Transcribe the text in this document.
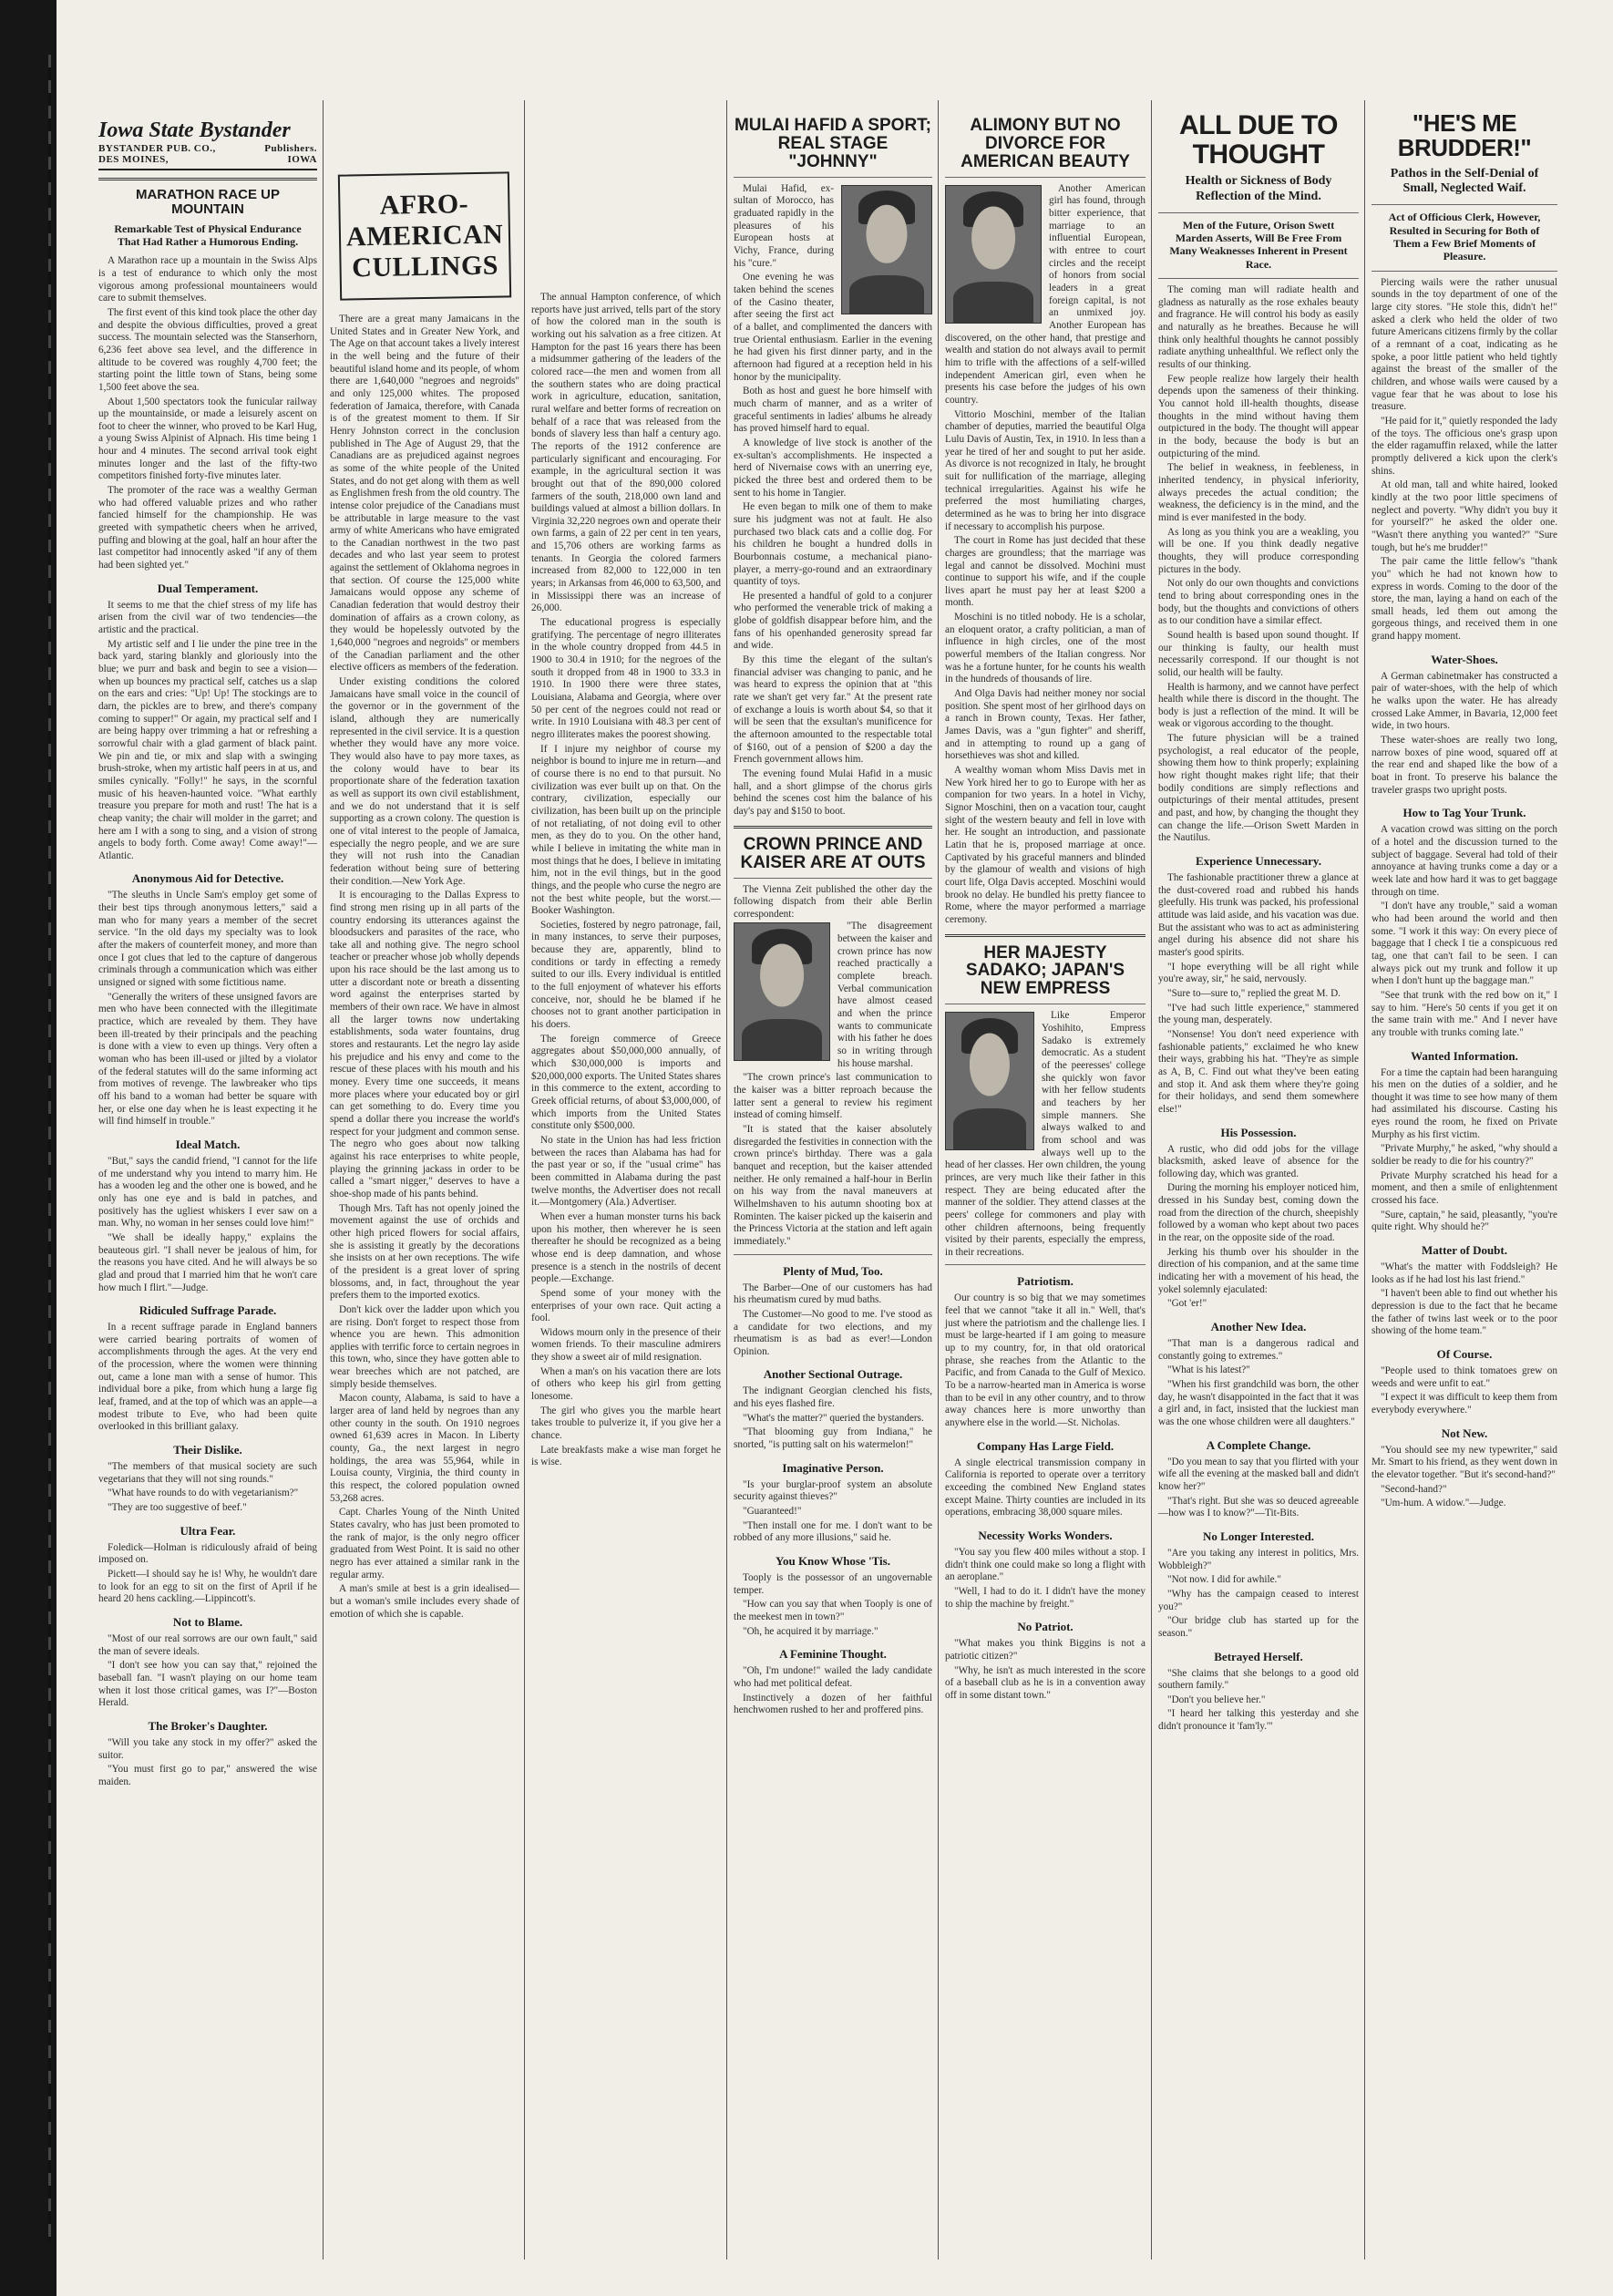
Iowa State Bystander
BYSTANDER PUB. CO.,	Publishers.
DES MOINES,	IOWA
MARATHON RACE UP MOUNTAIN
Remarkable Test of Physical Endurance That Had Rather a Humorous Ending.

A Marathon race up a mountain in the Swiss Alps is a test of endurance to which only the most vigorous among professional mountaineers would care to submit themselves.

The first event of this kind took place the other day and despite the obvious difficulties, proved a great success. The mountain selected was the Stanserhorn, 6,236 feet above sea level, and the difference in altitude to be covered was roughly 4,700 feet; the starting point the little town of Stans, being some 1,500 feet above the sea.

About 1,500 spectators took the funicular railway up the mountainside, or made a leisurely ascent on foot to cheer the winner, who proved to be Karl Hug, a young Swiss Alpinist of Alpnach. His time being 1 hour and 4 minutes. The second arrival took eight minutes longer and the last of the fifty-two competitors finished forty-five minutes later.

The promoter of the race was a wealthy German who had offered valuable prizes and who rather fancied himself for the championship. He was greeted with sympathetic cheers when he arrived, puffing and blowing at the goal, half an hour after the last competitor had innocently asked "if any of them had been sighted yet."

Dual Temperament.

It seems to me that the chief stress of my life has arisen from the civil war of two tendencies—the artistic and the practical.

My artistic self and I lie under the pine tree in the back yard, staring blankly and gloriously into the blue; we purr and bask and begin to see a vision—when up bounces my practical self, catches us a slap on the ears and cries: "Up! Up! The stockings are to darn, the pickles are to brew, and there's company coming to supper!" Or again, my practical self and I are being happy over trimming a hat or refreshing a sorrowful chair with a glad garment of black paint. We pin and tie, or mix and slap with a swinging brush-stroke, when my artistic half peers in at us, and smiles cynically. "Folly!" he says, in the scornful music of his heaven-haunted voice. "What earthly treasure you prepare for moth and rust! The hat is a cheap vanity; the chair will molder in the garret; and here am I with a song to sing, and a vision of strong angels to body forth. Come away! Come away!"—Atlantic.

Anonymous Aid for Detective.

"The sleuths in Uncle Sam's employ get some of their best tips through anonymous letters," said a man who for many years a member of the secret service. "In the old days my specialty was to look after the makers of counterfeit money, and more than once I got clues that led to the capture of dangerous criminals through a communication which was either unsigned or signed with some fictitious name.

"Generally the writers of these unsigned favors are men who have been connected with the illegitimate practice, which are revealed by them. They have been ill-treated by their principals and the peaching is done with a view to even up things. Very often a woman who has been ill-used or jilted by a violator of the federal statutes will do the same informing act from motives of revenge. The lawbreaker who tips off his band to a woman had better be square with her, or else one day when he is least expecting it he will find himself in trouble."

Ideal Match.

"But," says the candid friend, "I cannot for the life of me understand why you intend to marry him. He has a wooden leg and the other one is bowed, and he only has one eye and is bald in patches, and positively has the ugliest whiskers I ever saw on a man. Why, no woman in her senses could love him!"

"We shall be ideally happy," explains the beauteous girl. "I shall never be jealous of him, for the reasons you have cited. And he will always be so glad and proud that I married him that he won't care how much I flirt."—Judge.

Ridiculed Suffrage Parade.

In a recent suffrage parade in England banners were carried bearing portraits of women of accomplishments through the ages. At the very end of the procession, where the women were thinning out, came a lone man with a sense of humor. This individual bore a pike, from which hung a large fig leaf, framed, and at the top of which was an apple—a modest tribute to Eve, who had been quite overlooked in this brilliant galaxy.

Their Dislike.

"The members of that musical society are such vegetarians that they will not sing rounds."

"What have rounds to do with vegetarianism?"

"They are too suggestive of beef."

Ultra Fear.

Foledick—Holman is ridiculously afraid of being imposed on.

Pickett—I should say he is! Why, he wouldn't dare to look for an egg to sit on the first of April if he heard 20 hens cackling.—Lippincott's.

Not to Blame.

"Most of our real sorrows are our own fault," said the man of severe ideals.

"I don't see how you can say that," rejoined the baseball fan. "I wasn't playing on our home team when it lost those critical games, was I?"—Boston Herald.

The Broker's Daughter.

"Will you take any stock in my offer?" asked the suitor.

"You must first go to par," answered the wise maiden.

AFRO-AMERICAN CULLINGS

There are a great many Jamaicans in the United States and in Greater New York, and The Age on that account takes a lively interest in the well being and the future of their beautiful island home and its people, of whom there are 1,640,000 "negroes and negroids" and only 125,000 whites. The proposed federation of Jamaica, therefore, with Canada is of the greatest moment to them. If Sir Henry Johnston correct in the conclusion published in The Age of August 29, that the Canadians are as prejudiced against negroes as some of the white people of the United States, and do not get along with them as well as Englishmen fresh from the old country. The intense color prejudice of the Canadians must be attributable in large measure to the vast army of white Americans who have emigrated to the Canadian northwest in the two past decades and who last year seem to protest against the settlement of Oklahoma negroes in that section. Of course the 125,000 white Jamaicans would oppose any scheme of Canadian federation that would destroy their domination of affairs as a crown colony, as they would be hopelessly outvoted by the 1,640,000 "negroes and negroids" or members of the Canadian parliament and the other elective officers as members of the federation.

Under existing conditions the colored Jamaicans have small voice in the council of the governor or in the government of the island, although they are numerically represented in the civil service. It is a question whether they would have any more voice. They would also have to pay more taxes, as the colony would have to bear its proportionate share of the federation taxation as well as support its own civil establishment, and we do not understand that it is self supporting as a crown colony. The question is one of vital interest to the people of Jamaica, especially the negro people, and we are sure they will not rush into the Canadian federation without being sure of bettering their condition.—New York Age.

It is encouraging to the Dallas Express to find strong men rising up in all parts of the country endorsing its utterances against the bloodsuckers and parasites of the race, who take all and nothing give. The negro school teacher or preacher whose job wholly depends upon his race should be the last among us to utter a discordant note or breath a dissenting word against the enterprises started by members of their own race. We have in almost all the larger towns now undertaking establishments, soda water fountains, drug stores and restaurants. Let the negro lay aside his prejudice and his envy and come to the rescue of these places with his mouth and his money. Every time one succeeds, it means more places where your educated boy or girl can get something to do. Every time you spend a dollar there you increase the world's respect for your judgment and common sense. The negro who goes about now talking against his race enterprises to white people, playing the grinning jackass in order to be called a "smart nigger," deserves to have a shoe-shop made of his pants behind.

Though Mrs. Taft has not openly joined the movement against the use of orchids and other high priced flowers for social affairs, she is assisting it greatly by the decorations she insists on at her own receptions. The wife of the president is a great lover of spring blossoms, and, in fact, throughout the year prefers them to the imported exotics.

Don't kick over the ladder upon which you are rising. Don't forget to respect those from whence you are hewn. This admonition applies with terrific force to certain negroes in this town, who, since they have gotten able to wear breeches which are not patched, are simply beside themselves.

Macon county, Alabama, is said to have a larger area of land held by negroes than any other county in the south. On 1910 negroes owned 61,639 acres in Macon. In Liberty county, Ga., the next largest in negro holdings, the area was 55,964, while in Louisa county, Virginia, the third county in this respect, the colored population owned 53,268 acres.

Capt. Charles Young of the Ninth United States cavalry, who has just been promoted to the rank of major, is the only negro officer graduated from West Point. It is said no other negro has ever attained a similar rank in the regular army.

A man's smile at best is a grin idealised—but a woman's smile includes every shade of emotion of which she is capable.

The annual Hampton conference, of which reports have just arrived, tells part of the story of how the colored man in the south is working out his salvation as a free citizen. At Hampton for the past 16 years there has been a midsummer gathering of the leaders of the colored race—the men and women from all the southern states who are doing practical work in agriculture, education, sanitation, rural welfare and better forms of recreation on behalf of a race that was released from the bonds of slavery less than half a century ago. The reports of the 1912 conference are particularly significant and encouraging. For example, in the agricultural section it was brought out that of the 890,000 colored farmers of the south, 218,000 own land and buildings valued at almost a billion dollars. In Virginia 32,220 negroes own and operate their own farms, a gain of 22 per cent in ten years, and 15,706 others are working farms as tenants. In Georgia the colored farmers increased from 82,000 to 122,000 in ten years; in Arkansas from 46,000 to 63,500, and in Mississippi there was an increase of 26,000.

The educational progress is especially gratifying. The percentage of negro illiterates in the whole country dropped from 44.5 in 1900 to 30.4 in 1910; for the negroes of the south it dropped from 48 in 1900 to 33.3 in 1910. In 1900 there were three states, Louisiana, Alabama and Georgia, where over 50 per cent of the negroes could not read or write. In 1910 Louisiana with 48.3 per cent of negro illiterates makes the poorest showing.

If I injure my neighbor of course my neighbor is bound to injure me in return—and of course there is no end to that pursuit. No civilization was ever built up on that. On the contrary, civilization, especially our civilization, has been built up on the principle of not retaliating, of not doing evil to other men, as they do to you. On the other hand, while I believe in imitating the white man in most things that he does, I believe in imitating him, not in the evil things, but in the good things, and the people who curse the negro are not the best white people, but the worst.—Booker Washington.

Societies, fostered by negro patronage, fail, in many instances, to serve their purposes, because they are, apparently, blind to conditions or tardy in effecting a remedy suited to our ills. Every individual is entitled to the full enjoyment of whatever his efforts conceive, nor, should he be blamed if he chooses not to grant another participation in his doers.

The foreign commerce of Greece aggregates about $50,000,000 annually, of which $30,000,000 is imports and $20,000,000 exports. The United States shares in this commerce to the extent, according to Greek official returns, of about $3,000,000, of which imports from the United States constitute only $500,000.

No state in the Union has had less friction between the races than Alabama has had for the past year or so, if the "usual crime" has been committed in Alabama during the past twelve months, the Advertiser does not recall it.—Montgomery (Ala.) Advertiser.

When ever a human monster turns his back upon his mother, then wherever he is seen thereafter he should be recognized as a being whose end is deep damnation, and whose presence is a stench in the nostrils of decent people.—Exchange.

Spend some of your money with the enterprises of your own race. Quit acting a fool.

Widows mourn only in the presence of their women friends. To their masculine admirers they show a sweet air of mild resignation.

When a man's on his vacation there are lots of others who keep his girl from getting lonesome.

The girl who gives you the marble heart takes trouble to pulverize it, if you give her a chance.

Late breakfasts make a wise man forget he is wise.

MULAI HAFID A SPORT; REAL STAGE "JOHNNY"

Mulai Hafid, ex-sultan of Morocco, has graduated rapidly in the pleasures of his European hosts at Vichy, France, during his "cure."

One evening he was taken behind the scenes of the Casino theater, after seeing the first act of a ballet, and complimented the dancers with true Oriental enthusiasm. Earlier in the evening he had given his first dinner party, and in the afternoon had figured at a reception held in his honor by the municipality.

Both as host and guest he bore himself with much charm of manner, and as a writer of graceful sentiments in ladies' albums he already has proved himself hard to equal.

A knowledge of live stock is another of the ex-sultan's accomplishments. He inspected a herd of Nivernaise cows with an unerring eye, picked the three best and ordered them to be sent to his home in Tangier.

He even began to milk one of them to make sure his judgment was not at fault. He also purchased two black cats and a collie dog. For his children he bought a hundred dolls in Bourbonnais costume, a mechanical piano-player, a merry-go-round and an extraordinary quantity of toys.

He presented a handful of gold to a conjurer who performed the venerable trick of making a globe of goldfish disappear before him, and the fans of his openhanded generosity spread far and wide.

By this time the elegant of the sultan's financial adviser was changing to panic, and he was heard to express the opinion that at "this rate we shan't get very far." At the present rate of exchange a louis is worth about $4, so that it will be seen that the exsultan's munificence for the afternoon amounted to the respectable total of $160, out of a pension of $200 a day the French government allows him.

The evening found Mulai Hafid in a music hall, and a short glimpse of the chorus girls behind the scenes cost him the balance of his day's pay and $150 to boot.

CROWN PRINCE AND KAISER ARE AT OUTS

The Vienna Zeit published the other day the following dispatch from their able Berlin correspondent:

"The disagreement between the kaiser and crown prince has now reached practically a complete breach. Verbal communication have almost ceased and when the prince wants to communicate with his father he does so in writing through his house marshal.

"The crown prince's last communication to the kaiser was a bitter reproach because the latter sent a general to review his regiment instead of coming himself.

"It is stated that the kaiser absolutely disregarded the festivities in connection with the crown prince's birthday. There was a gala banquet and reception, but the kaiser attended neither. He only remained a half-hour in Berlin on his way from the naval maneuvers at Wilhelmshaven to his autumn shooting box at Rominten. The kaiser picked up the kaiserin and the Princess Victoria at the station and left again immediately."

Plenty of Mud, Too.

The Barber—One of our customers has had his rheumatism cured by mud baths.

The Customer—No good to me. I've stood as a candidate for two elections, and my rheumatism is as bad as ever!—London Opinion.

Another Sectional Outrage.

The indignant Georgian clenched his fists, and his eyes flashed fire.

"What's the matter?" queried the bystanders.

"That blooming guy from Indiana," he snorted, "is putting salt on his watermelon!"

Imaginative Person.

"Is your burglar-proof system an absolute security against thieves?"

"Guaranteed!"

"Then install one for me. I don't want to be robbed of any more illusions," said he.

You Know Whose 'Tis.

Tooply is the possessor of an ungovernable temper.

"How can you say that when Tooply is one of the meekest men in town?"

"Oh, he acquired it by marriage."

A Feminine Thought.

"Oh, I'm undone!" wailed the lady candidate who had met political defeat.

Instinctively a dozen of her faithful henchwomen rushed to her and proffered pins.

ALIMONY BUT NO DIVORCE FOR AMERICAN BEAUTY

Another American girl has found, through bitter experience, that marriage to an influential European, with entree to court circles and the receipt of honors from social leaders in a great foreign capital, is not an unmixed joy. Another European has discovered, on the other hand, that prestige and wealth and station do not always avail to permit him to trifle with the affections of a self-willed independent American girl, even when he presents his case before the judges of his own country.

Vittorio Moschini, member of the Italian chamber of deputies, married the beautiful Olga Lulu Davis of Austin, Tex, in 1910. In less than a year he tired of her and sought to put her aside. As divorce is not recognized in Italy, he brought suit for nullification of the marriage, alleging technical irregularities. Against his wife he preferred the most humiliating charges, determined as he was to bring her into disgrace if necessary to accomplish his purpose.

The court in Rome has just decided that these charges are groundless; that the marriage was legal and cannot be dissolved. Mochini must continue to support his wife, and if the couple lives apart he must pay her at least $200 a month.

Moschini is no titled nobody. He is a scholar, an eloquent orator, a crafty politician, a man of influence in high circles, one of the most powerful members of the Italian congress. Nor was he a fortune hunter, for he counts his wealth in the hundreds of thousands of lire.

And Olga Davis had neither money nor social position. She spent most of her girlhood days on a ranch in Brown county, Texas. Her father, James Davis, was a "gun fighter" and sheriff, and in attempting to round up a gang of horsethieves was shot and killed.

A wealthy woman whom Miss Davis met in New York hired her to go to Europe with her as companion for two years. In a hotel in Vichy, Signor Moschini, then on a vacation tour, caught sight of the western beauty and fell in love with her. He sought an introduction, and passionate Latin that he is, proposed marriage at once. Captivated by his graceful manners and blinded by the glamour of wealth and visions of high court life, Olga Davis accepted. Moschini would brook no delay. He bundled his pretty fiancee to Rome, where the mayor performed a marriage ceremony.

HER MAJESTY SADAKO; JAPAN'S NEW EMPRESS

Like Emperor Yoshihito, Empress Sadako is extremely democratic. As a student of the peeresses' college she quickly won favor with her fellow students and teachers by her simple manners. She always walked to and from school and was always well up to the head of her classes. Her own children, the young princes, are very much like their father in this respect. They are being educated after the manner of the soldier. They attend classes at the peers' college for commoners and play with other children afternoons, being frequently visited by their parents, especially the empress, in their recreations.

Patriotism.

Our country is so big that we may sometimes feel that we cannot "take it all in." Well, that's just where the patriotism and the challenge lies. I must be large-hearted if I am going to measure up to my country, for, in that old oratorical phrase, she reaches from the Atlantic to the Pacific, and from Canada to the Gulf of Mexico. To be a narrow-hearted man in America is worse than to be evil in any other country, and to throw away chances here is more unworthy than anywhere else in the world.—St. Nicholas.

Company Has Large Field.

A single electrical transmission company in California is reported to operate over a territory exceeding the combined New England states except Maine. Thirty counties are included in its operations, embracing 38,000 square miles.

Necessity Works Wonders.

"You say you flew 400 miles without a stop. I didn't think one could make so long a flight with an aeroplane."

"Well, I had to do it. I didn't have the money to ship the machine by freight."

No Patriot.

"What makes you think Biggins is not a patriotic citizen?"

"Why, he isn't as much interested in the score of a baseball club as he is in a convention away off in some distant town."

ALL DUE TO THOUGHT
Health or Sickness of Body Reflection of the Mind.
Men of the Future, Orison Swett Marden Asserts, Will Be Free From Many Weaknesses Inherent in Present Race.

The coming man will radiate health and gladness as naturally as the rose exhales beauty and fragrance. He will control his body as easily and naturally as he breathes. Because he will think only healthful thoughts he cannot possibly radiate anything unhealthful. We reflect only the results of our thinking.

Few people realize how largely their health depends upon the sameness of their thinking. You cannot hold ill-health thoughts, disease thoughts in the mind without having them outpictured in the body. The thought will appear in the body, because the body is but an outpicturing of the mind.

The belief in weakness, in feebleness, in inherited tendency, in physical inferiority, always precedes the actual condition; the weakness, the deficiency is in the mind, and the mind is ever manifested in the body.

As long as you think you are a weakling, you will be one. If you think deadly negative thoughts, they will produce corresponding pictures in the body.

Not only do our own thoughts and convictions tend to bring about corresponding ones in the body, but the thoughts and convictions of others as to our condition have a similar effect.

Sound health is based upon sound thought. If our thinking is faulty, our health must necessarily correspond. If our thought is not solid, our health will be faulty.

Health is harmony, and we cannot have perfect health while there is discord in the thought. The body is just a reflection of the mind. It will be weak or vigorous according to the thought.

The future physician will be a trained psychologist, a real educator of the people, showing them how to think properly; explaining how right thought makes right life; that their bodily conditions are simply reflections and outpicturings of their mental attitudes, present and past, and how, by changing the thought they can change the life.—Orison Swett Marden in the Nautilus.

Experience Unnecessary.

The fashionable practitioner threw a glance at the dust-covered road and rubbed his hands gleefully. His trunk was packed, his professional attitude was laid aside, and his vacation was due. But the assistant who was to act as administering angel during his absence did not share his master's good spirits.

"I hope everything will be all right while you're away, sir," he said, nervously.

"Sure to—sure to," replied the great M. D.

"I've had such little experience," stammered the young man, desperately.

"Nonsense! You don't need experience with fashionable patients," exclaimed he who knew their ways, grabbing his hat. "They're as simple as A, B, C. Find out what they've been eating and stop it. And ask them where they're going for their holidays, and send them somewhere else!"

His Possession.

A rustic, who did odd jobs for the village blacksmith, asked leave of absence for the following day, which was granted.

During the morning his employer noticed him, dressed in his Sunday best, coming down the road from the direction of the church, sheepishly followed by a woman who kept about two paces in the rear, on the opposite side of the road.

Jerking his thumb over his shoulder in the direction of his companion, and at the same time indicating her with a movement of his head, the yokel solemnly ejaculated:

"Got 'er!"

Another New Idea.

"That man is a dangerous radical and constantly going to extremes."

"What is his latest?"

"When his first grandchild was born, the other day, he wasn't disappointed in the fact that it was a girl and, in fact, insisted that the luckiest man was the one whose children were all daughters."

A Complete Change.

"Do you mean to say that you flirted with your wife all the evening at the masked ball and didn't know her?"

"That's right. But she was so deuced agreeable—how was I to know?"—Tit-Bits.

No Longer Interested.

"Are you taking any interest in politics, Mrs. Wobbleigh?"

"Not now. I did for awhile."

"Why has the campaign ceased to interest you?"

"Our bridge club has started up for the season."

Betrayed Herself.

"She claims that she belongs to a good old southern family."

"Don't you believe her."

"I heard her talking this yesterday and she didn't pronounce it 'fam'ly.'"

"HE'S ME BRUDDER!"
Pathos in the Self-Denial of Small, Neglected Waif.
Act of Officious Clerk, However, Resulted in Securing for Both of Them a Few Brief Moments of Pleasure.

Piercing wails were the rather unusual sounds in the toy department of one of the large city stores. "He stole this, didn't he!" asked a clerk who held the older of two future Americans citizens firmly by the collar of a remnant of a coat, indicating as he spoke, a poor little patient who held tightly against the breast of the smaller of the children, and whose wails were caused by a vague fear that he was about to lose his treasure.

"He paid for it," quietly responded the lady of the toys. The officious one's grasp upon the elder ragamuffin relaxed, while the latter promptly delivered a kick upon the clerk's shins.

At old man, tall and white haired, looked kindly at the two poor little specimens of neglect and poverty. "Why didn't you buy it for yourself?" he asked the older one. "Wasn't there anything you wanted?" "Sure tough, but he's me brudder!"

The pair came the little fellow's "thank you" which he had not known how to express in words. Coming to the door of the store, the man, laying a hand on each of the small heads, led them out among the gorgeous things, and received them in one grand happy moment.

Water-Shoes.

A German cabinetmaker has constructed a pair of water-shoes, with the help of which he walks upon the water. He has already crossed Lake Ammer, in Bavaria, 12,000 feet wide, in two hours.

These water-shoes are really two long, narrow boxes of pine wood, squared off at the rear end and shaped like the bow of a boat in front. To preserve his balance the traveler grasps two upright posts.

How to Tag Your Trunk.

A vacation crowd was sitting on the porch of a hotel and the discussion turned to the subject of baggage. Several had told of their annoyance at having trunks come a day or a week late and how hard it was to get baggage through on time.

"I don't have any trouble," said a woman who had been around the world and then some. "I work it this way: On every piece of baggage that I check I tie a conspicuous red tag, one that can't fail to be seen. I can always pick out my trunk and follow it up when I don't hunt up the baggage man."

"See that trunk with the red bow on it," I say to him. "Here's 50 cents if you get it on the same train with me." And I never have any trouble with trunks coming late."

Wanted Information.

For a time the captain had been haranguing his men on the duties of a soldier, and he thought it was time to see how many of them had assimilated his discourse. Casting his eyes round the room, he fixed on Private Murphy as his first victim.

"Private Murphy," he asked, "why should a soldier be ready to die for his country?"

Private Murphy scratched his head for a moment, and then a smile of enlightenment crossed his face.

"Sure, captain," he said, pleasantly, "you're quite right. Why should he?"

Matter of Doubt.

"What's the matter with Foddsleigh? He looks as if he had lost his last friend."

"I haven't been able to find out whether his depression is due to the fact that he became the father of twins last week or to the poor showing of the home team."

Of Course.

"People used to think tomatoes grew on weeds and were unfit to eat."

"I expect it was difficult to keep them from everybody everywhere."

Not New.

"You should see my new typewriter," said Mr. Smart to his friend, as they went down in the elevator together. "But it's second-hand?"

"Second-hand?"

"Um-hum. A widow."—Judge.
